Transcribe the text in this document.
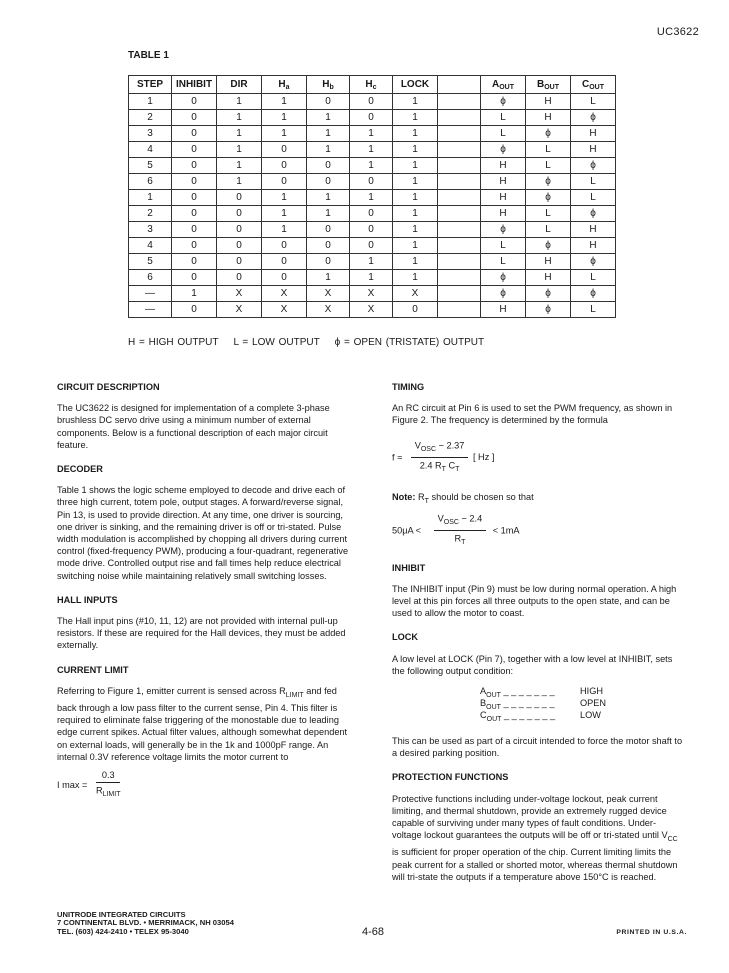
UC3622
TABLE 1
STEP	INHIBIT	DIR	$H_a$	$H_b$	$H_c$	LOCK		$A_{OUT}$	$B_{OUT}$	$C_{OUT}$
1	0	1	1	0	0	1		ϕ	H	L
2	0	1	1	1	0	1		L	H	ϕ
3	0	1	1	1	1	1		L	ϕ	H
4	0	1	0	1	1	1		ϕ	L	H
5	0	1	0	0	1	1		H	L	ϕ
6	0	1	0	0	0	1		H	ϕ	L
1	0	0	1	1	1	1		H	ϕ	L
2	0	0	1	1	0	1		H	L	ϕ
3	0	0	1	0	0	1		ϕ	L	H
4	0	0	0	0	0	1		L	ϕ	H
5	0	0	0	0	1	1		L	H	ϕ
6	0	0	0	1	1	1		ϕ	H	L
—	1	X	X	X	X	X		ϕ	ϕ	ϕ
—	0	X	X	X	X	0		H	ϕ	L
H = HIGH OUTPUT    L = LOW OUTPUT    ϕ = OPEN (TRISTATE) OUTPUT
CIRCUIT DESCRIPTION

The UC3622 is designed for implementation of a complete 3-phase brushless DC servo drive using a minimum number of external components. Below is a functional description of each major circuit feature.

DECODER

Table 1 shows the logic scheme employed to decode and drive each of three high current, totem pole, output stages. A forward/reverse signal, Pin 13, is used to provide direction. At any time, one driver is sourcing, one driver is sinking, and the remaining driver is off or tri-stated. Pulse width modulation is accomplished by chopping all drivers during current control (fixed-frequency PWM), producing a four-quadrant, regenerative mode drive. Controlled output rise and fall times help reduce electrical switching noise while maintaining relatively small switching losses.

HALL INPUTS

The Hall input pins (#10, 11, 12) are not provided with internal pull-up resistors. If these are required for the Hall devices, they must be added externally.

CURRENT LIMIT

Referring to Figure 1, emitter current is sensed across $R_{LIMIT}$ and fed back through a low pass filter to the current sense, Pin 4. This filter is required to eliminate false triggering of the monostable due to leading edge current spikes. Actual filter values, although somewhat dependent on external loads, will generally be in the 1k and 1000pF range. An internal 0.3V reference voltage limits the motor current to

I $\max = \frac{0.3}{R_{LIMIT}}$
TIMING

An RC circuit at Pin 6 is used to set the PWM frequency, as shown in Figure 2. The frequency is determined by the formula

$f \approx \frac{V_{OSC} - 2.37}{2.4 R_T C_T}$ [ Hz ]

Note: $R_T$ should be chosen so that

$50\mu A < \frac{V_{OSC} - 2.4}{R_T} < 1mA$
INHIBIT

The INHIBIT input (Pin 9) must be low during normal operation. A high level at this pin forces all three outputs to the open state, and can be used to allow the motor to coast.

LOCK

A low level at LOCK (Pin 7), together with a low level at INHIBIT, sets the following output condition:

$A_{OUT}$ _ _ _ _ _ _ _	HIGH
$B_{OUT}$ _ _ _ _ _ _ _	OPEN
$C_{OUT}$ _ _ _ _ _ _ _	LOW

This can be used as part of a circuit intended to force the motor shaft to a desired parking position.

PROTECTION FUNCTIONS

Protective functions including under-voltage lockout, peak current limiting, and thermal shutdown, provide an extremely rugged device capable of surviving under many types of fault conditions. Under-voltage lockout guarantees the outputs will be off or tri-stated until $V_{CC}$ is sufficient for proper operation of the chip. Current limiting limits the peak current for a stalled or shorted motor, whereas thermal shutdown will tri-state the outputs if a temperature above 150°C is reached.

UNITRODE INTEGRATED CIRCUITS
7 CONTINENTAL BLVD. • MERRIMACK, NH 03054
TEL. (603) 424-2410 • TELEX 95-3040	4-68	PRINTED IN U.S.A.
